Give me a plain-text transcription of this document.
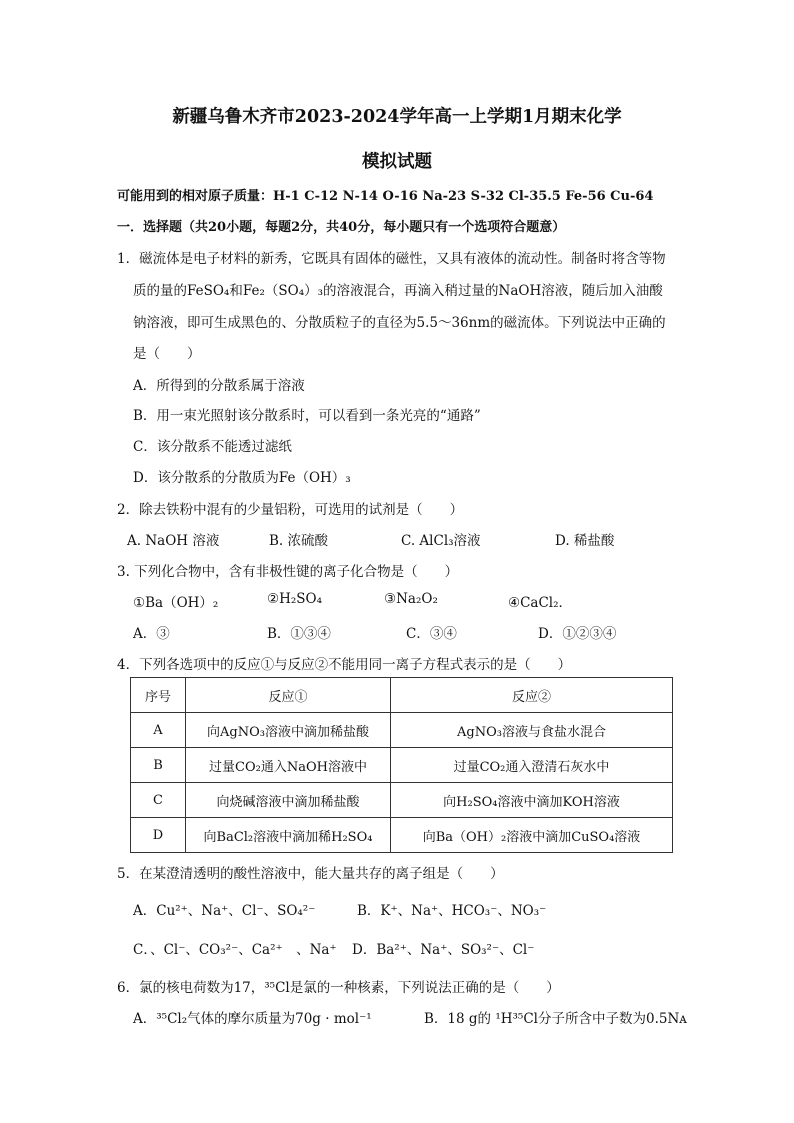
新疆乌鲁木齐市2023-2024学年高一上学期1月期末化学
模拟试题
可能用到的相对原子质量：H-1 C-12 N-14 O-16 Na-23 S-32 Cl-35.5 Fe-56 Cu-64
一．选择题（共20小题，每题2分，共40分，每小题只有一个选项符合题意）
1．磁流体是电子材料的新秀，它既具有固体的磁性，又具有液体的流动性。制备时将含等物
质的量的FeSO₄和Fe₂（SO₄）₃的溶液混合，再滴入稍过量的NaOH溶液，随后加入油酸
钠溶液，即可生成黑色的、分散质粒子的直径为5.5～36nm的磁流体。下列说法中正确的
是（　　）
A．所得到的分散系属于溶液
B．用一束光照射该分散系时，可以看到一条光亮的“通路”
C．该分散系不能透过滤纸
D．该分散系的分散质为Fe（OH）₃
2．除去铁粉中混有的少量铝粉，可选用的试剂是（　　）
A. NaOH 溶液	B. 浓硫酸	C. AlCl₃溶液	D. 稀盐酸
3. 下列化合物中，含有非极性键的离子化合物是（　　）
①Ba（OH）₂	②H₂SO₄	③Na₂O₂	④CaCl₂．
A．③	B．①③④	C．③④	D．①②③④
4．下列各选项中的反应①与反应②不能用同一离子方程式表示的是（　　）
序号	反应①	反应②
A	向AgNO₃溶液中滴加稀盐酸	AgNO₃溶液与食盐水混合
B	过量CO₂通入NaOH溶液中	过量CO₂通入澄清石灰水中
C	向烧碱溶液中滴加稀盐酸	向H₂SO₄溶液中滴加KOH溶液
D	向BaCl₂溶液中滴加稀H₂SO₄	向Ba（OH）₂溶液中滴加CuSO₄溶液
5．在某澄清透明的酸性溶液中，能大量共存的离子组是（　　）
A．Cu²⁺、Na⁺、Cl⁻、SO₄²⁻	B．K⁺、Na⁺、HCO₃⁻、NO₃⁻
C．、Cl⁻、CO₃²⁻、Ca²⁺　、Na⁺ D．Ba²⁺、Na⁺、SO₃²⁻、Cl⁻
6．氯的核电荷数为17，³⁵Cl是氯的一种核素，下列说法正确的是（　　）
A．³⁵Cl₂气体的摩尔质量为70g · mol⁻¹	B．18 g的 ¹H³⁵Cl分子所含中子数为0.5Nᴀ
